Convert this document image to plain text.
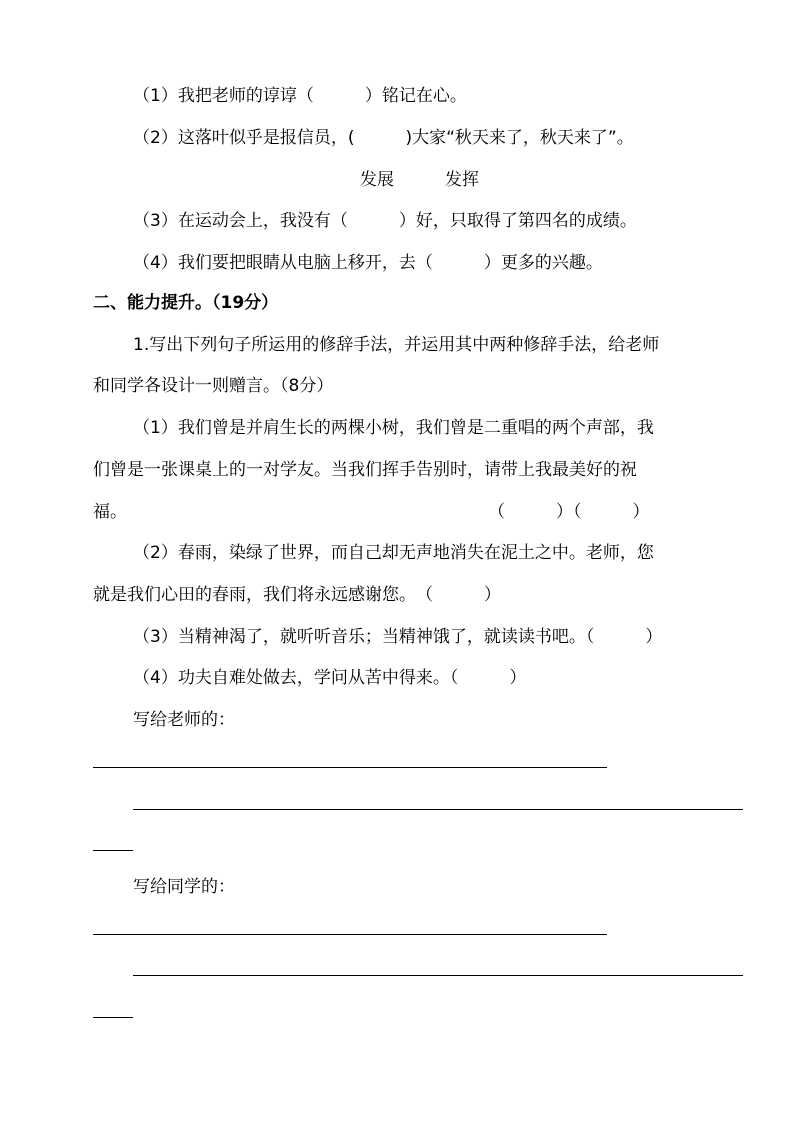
（1）我把老师的谆谆（　　　）铭记在心。
（2）这落叶似乎是报信员，(　　　)大家“秋天来了，秋天来了”。
发展　　　发挥
（3）在运动会上，我没有（　　　）好，只取得了第四名的成绩。
（4）我们要把眼睛从电脑上移开，去（　　　）更多的兴趣。
二、能力提升。（19分）
1.写出下列句子所运用的修辞手法，并运用其中两种修辞手法，给老师
和同学各设计一则赠言。（8分）
（1）我们曾是并肩生长的两棵小树，我们曾是二重唱的两个声部，我
们曾是一张课桌上的一对学友。当我们挥手告别时，请带上我最美好的祝
福。	（　　　）（　　　）
（2）春雨，染绿了世界，而自己却无声地消失在泥土之中。老师，您
就是我们心田的春雨，我们将永远感谢您。　（　　　）
（3）当精神渴了，就听听音乐；当精神饿了，就读读书吧。（　　　）
（4）功夫自难处做去，学问从苦中得来。（　　　）
写给老师的：
写给同学的：
